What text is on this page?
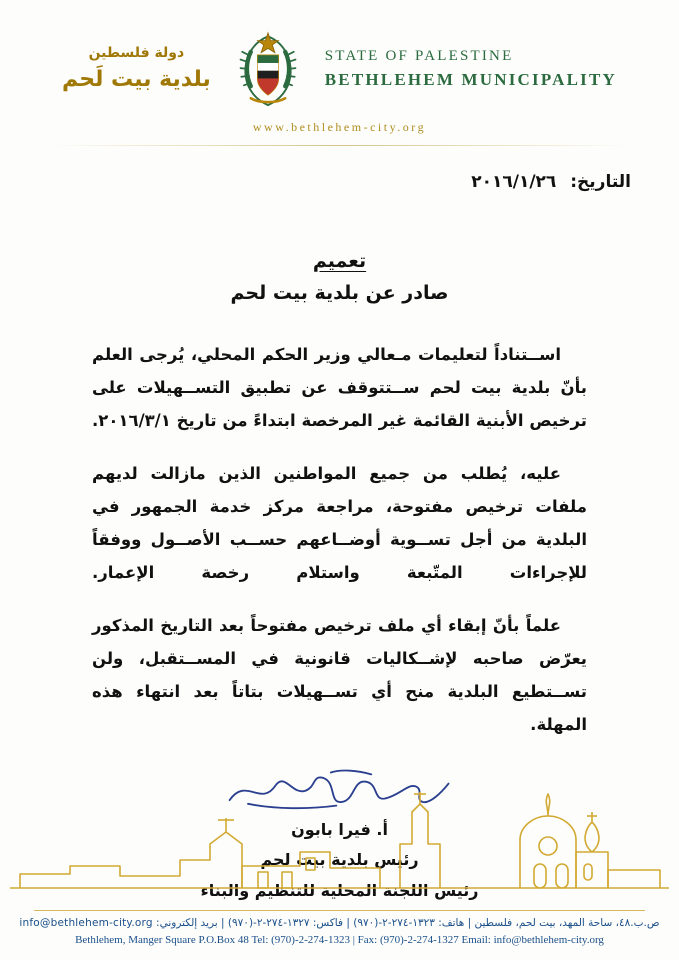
دولة فلسطين
بلدية بيت لَحم
STATE OF PALESTINE
BETHLEHEM MUNICIPALITY
www.bethlehem-city.org
التاريخ: ٢٠١٦/١/٢٦
تعميم
صادر عن بلدية بيت لحم

اســتناداً لتعليمات مـعالي وزير الحكم المحلي، يُرجى العلم بأنّ بلدية بيت لحم ســتتوقف عن تطبيق التســهيلات على ترخيص الأبنية القائمة غير المرخصة ابتداءً من تاريخ ٢٠١٦/٣/١.

عليه، يُطلب من جميع المواطنين الذين مازالت لديهم ملفات ترخيص مفتوحة، مراجعة مركز خدمة الجمهور في البلدية من أجل تســوية أوضــاعهم حســب الأصــول ووفقاً للإجراءات المتّبعة واستلام رخصة الإعمار.

علماً بأنّ إبقاء أي ملف ترخيص مفتوحاً بعد التاريخ المذكور يعرّض صاحبه لإشــكاليات قانونية في المســتقبل، ولن تســتطيع البلدية منح أي تســهيلات بتاتاً بعد انتهاء هذه المهلة.

أ. فيرا بابون
رئيس بلدية بيت لحم
رئيس اللجنة المحلية للتنظيم والبناء
ص.ب.٤٨، ساحة المهد، بيت لحم، فلسطين | هاتف: ١٣٢٣-٢٧٤-٢-(٩٧٠) | فاكس: ١٣٢٧-٢٧٤-٢-(٩٧٠) | بريد إلكتروني: info@bethlehem-city.org
Bethlehem, Manger Square P.O.Box 48 Tel: (970)-2-274-1323 | Fax: (970)-2-274-1327 Email: info@bethlehem-city.org
